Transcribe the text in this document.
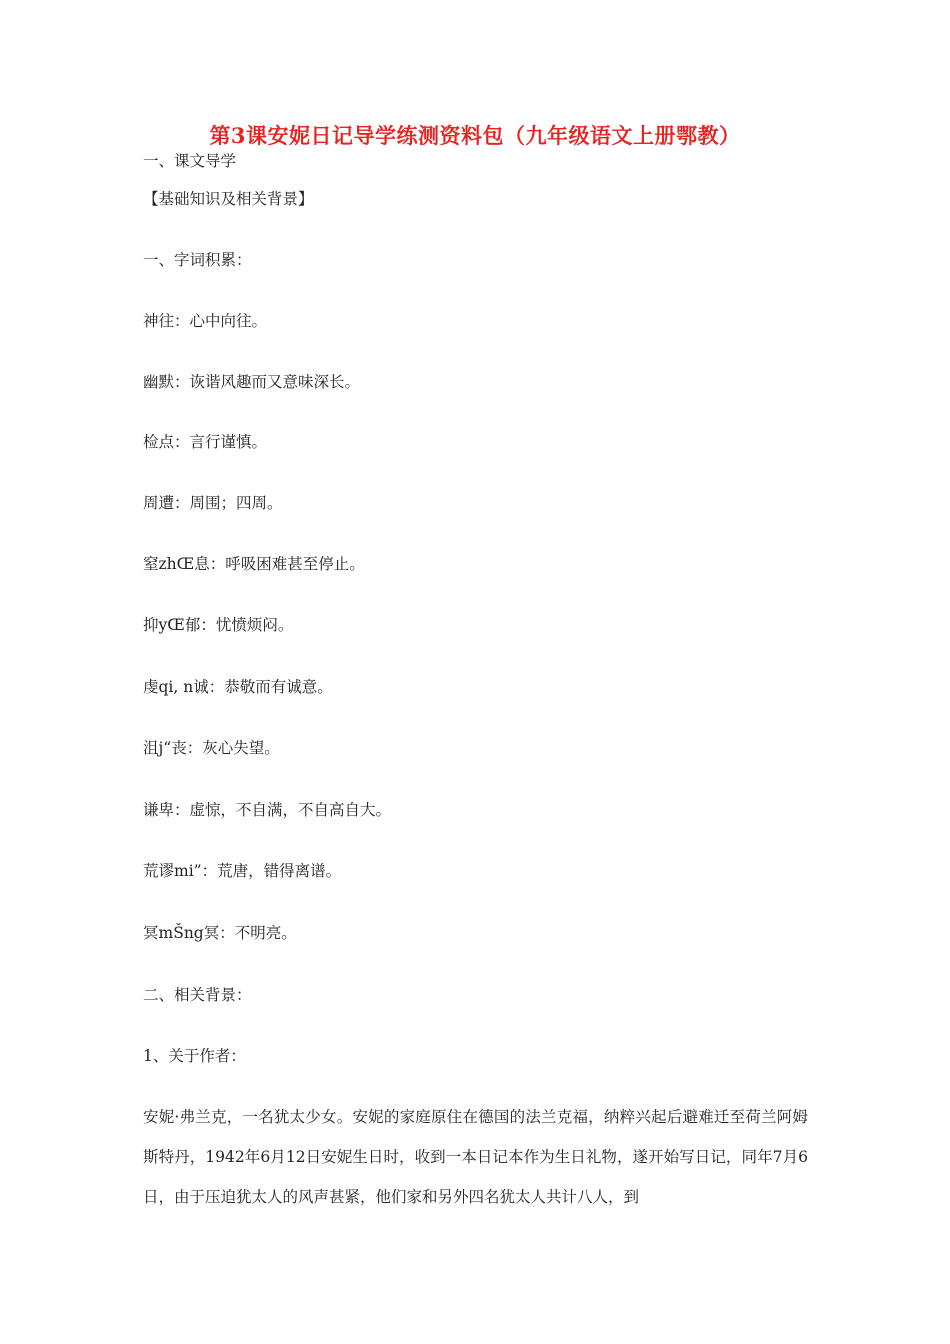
第3课安妮日记导学练测资料包（九年级语文上册鄂教）
一、课文导学
【基础知识及相关背景】
一、字词积累：
神往：心中向往。
幽默：诙谐风趣而又意味深长。
检点：言行谨慎。
周遭：周围；四周。
窒zhŒ息：呼吸困难甚至停止。
抑yŒ郁：忧愤烦闷。
虔qi, n诚：恭敬而有诚意。
沮j“丧：灰心失望。
谦卑：虚惊，不自满，不自高自大。
荒谬mi”：荒唐，错得离谱。
冥mŠng冥：不明亮。
二、相关背景：
1、关于作者：
安妮·弗兰克，一名犹太少女。安妮的家庭原住在德国的法兰克福，纳粹兴起后避难迁至荷兰阿姆斯特丹，1942年6月12日安妮生日时，收到一本日记本作为生日礼物，遂开始写日记，同年7月6日，由于压迫犹太人的风声甚紧，他们家和另外四名犹太人共计八人，到
